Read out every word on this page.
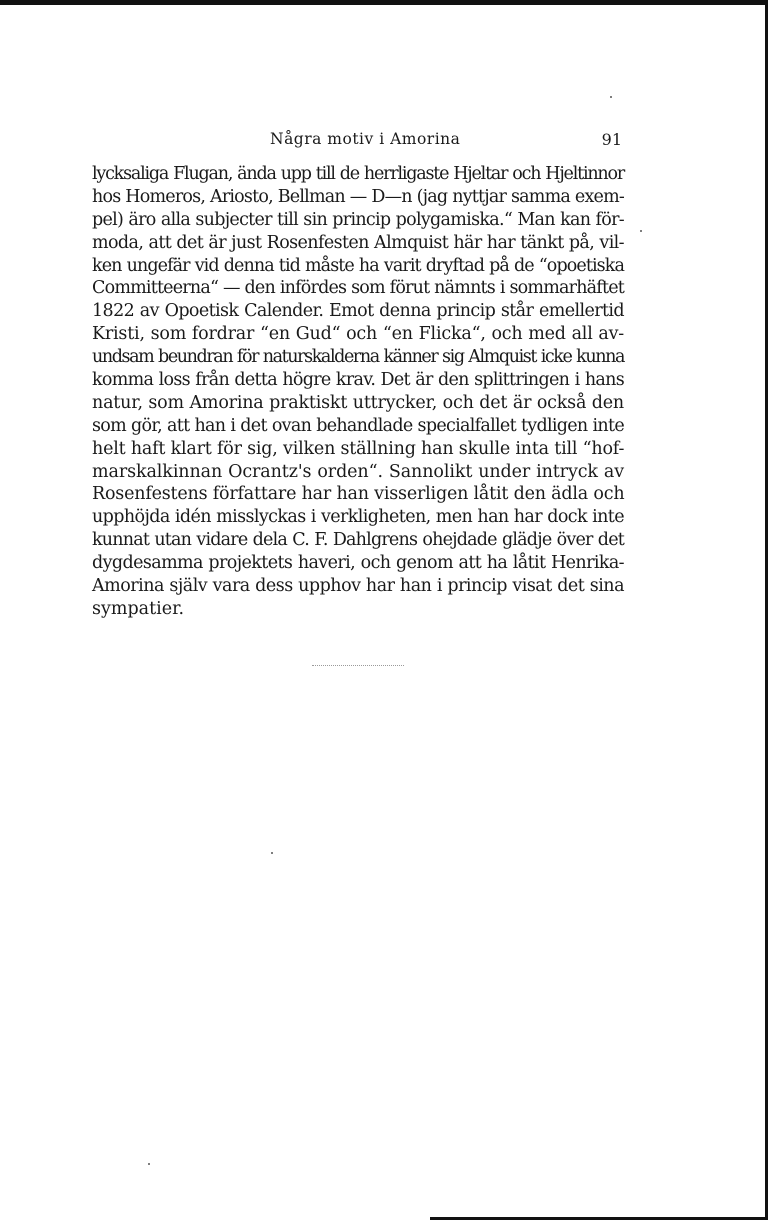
Några motiv i Amorina	91
lycksaliga Flugan, ända upp till de herrligaste Hjeltar och Hjeltinnor
hos Homeros, Ariosto, Bellman — D—n (jag nyttjar samma exem-
pel) äro alla subjecter till sin princip polygamiska.“ Man kan för-
moda, att det är just Rosenfesten Almquist här har tänkt på, vil-
ken ungefär vid denna tid måste ha varit dryftad på de “opoetiska
Committeerna“ — den infördes som förut nämnts i sommarhäftet
1822 av Opoetisk Calender. Emot denna princip står emellertid
Kristi, som fordrar “en Gud“ och “en Flicka“, och med all av-
undsam beundran för naturskalderna känner sig Almquist icke kunna
komma loss från detta högre krav. Det är den splittringen i hans
natur, som Amorina praktiskt uttrycker, och det är också den
som gör, att han i det ovan behandlade specialfallet tydligen inte
helt haft klart för sig, vilken ställning han skulle inta till “hof-
marskalkinnan Ocrantz's orden“. Sannolikt under intryck av
Rosenfestens författare har han visserligen låtit den ädla och
upphöjda idén misslyckas i verkligheten, men han har dock inte
kunnat utan vidare dela C. F. Dahlgrens ohejdade glädje över det
dygdesamma projektets haveri, och genom att ha låtit Henrika-
Amorina själv vara dess upphov har han i princip visat det sina
sympatier.
